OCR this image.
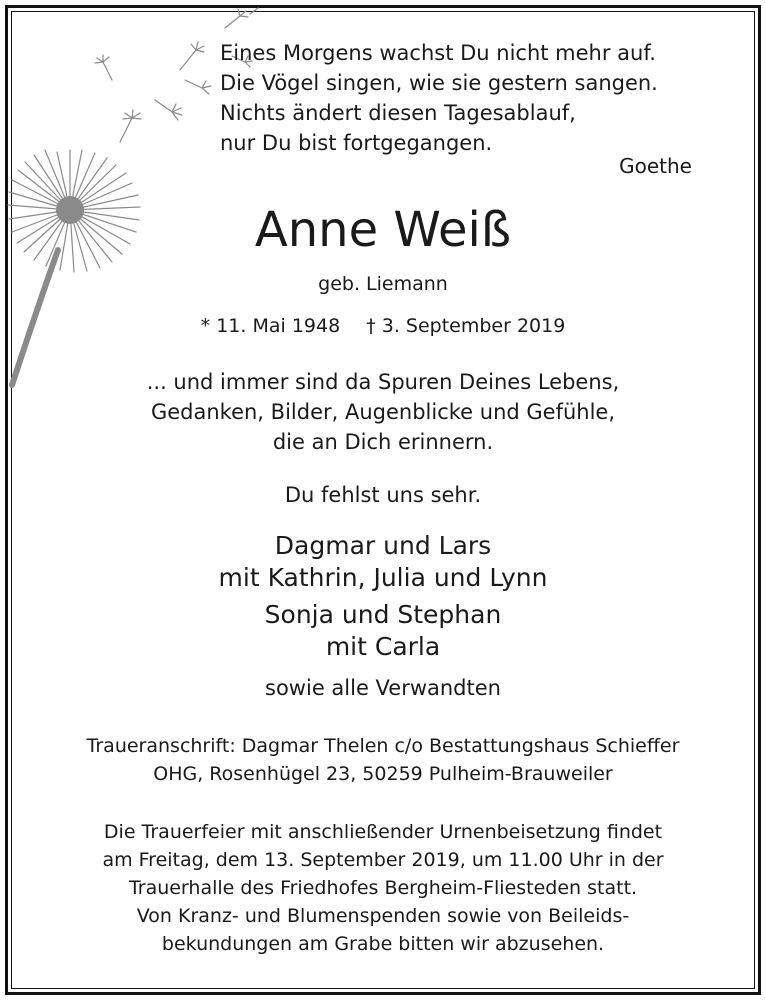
Eines Morgens wachst Du nicht mehr auf.
Die Vögel singen, wie sie gestern sangen.
Nichts ändert diesen Tagesablauf,
nur Du bist fortgegangen.
Goethe
Anne Weiß
geb. Liemann
* 11. Mai 1948 † 3. September 2019
... und immer sind da Spuren Deines Lebens,
Gedanken, Bilder, Augenblicke und Gefühle,
die an Dich erinnern.
Du fehlst uns sehr.
Dagmar und Lars
mit Kathrin, Julia und Lynn
Sonja und Stephan
mit Carla
sowie alle Verwandten
Traueranschrift: Dagmar Thelen c/o Bestattungshaus Schieffer
OHG, Rosenhügel 23, 50259 Pulheim-Brauweiler
Die Trauerfeier mit anschließender Urnenbeisetzung findet
am Freitag, dem 13. September 2019, um 11.00 Uhr in der
Trauerhalle des Friedhofes Bergheim-Fliesteden statt.
Von Kranz- und Blumenspenden sowie von Beileids-
bekundungen am Grabe bitten wir abzusehen.
